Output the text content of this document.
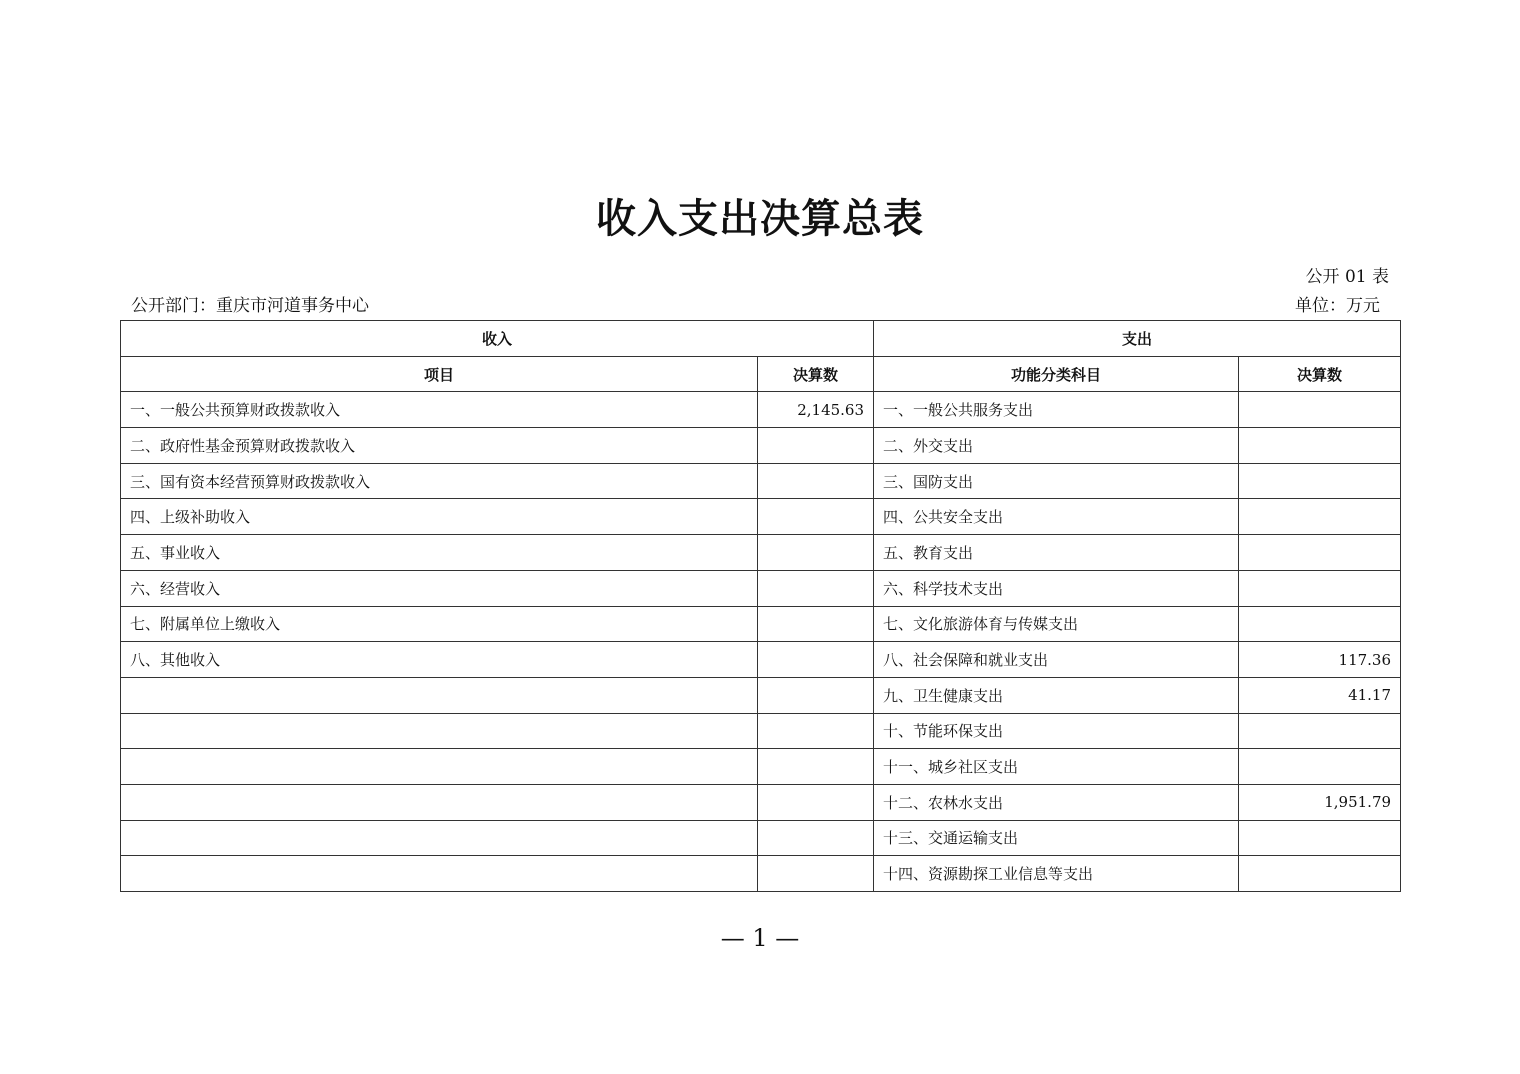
收入支出决算总表
公开 01 表
公开部门：重庆市河道事务中心	单位：万元
收入		支出	
项目	决算数	功能分类科目	决算数
一、一般公共预算财政拨款收入	2,145.63	一、一般公共服务支出	
二、政府性基金预算财政拨款收入		二、外交支出	
三、国有资本经营预算财政拨款收入		三、国防支出	
四、上级补助收入		四、公共安全支出	
五、事业收入		五、教育支出	
六、经营收入		六、科学技术支出	
七、附属单位上缴收入		七、文化旅游体育与传媒支出	
八、其他收入		八、社会保障和就业支出	117.36
		九、卫生健康支出	41.17
		十、节能环保支出	
		十一、城乡社区支出	
		十二、农林水支出	1,951.79
		十三、交通运输支出	
		十四、资源勘探工业信息等支出	
— 1 —
